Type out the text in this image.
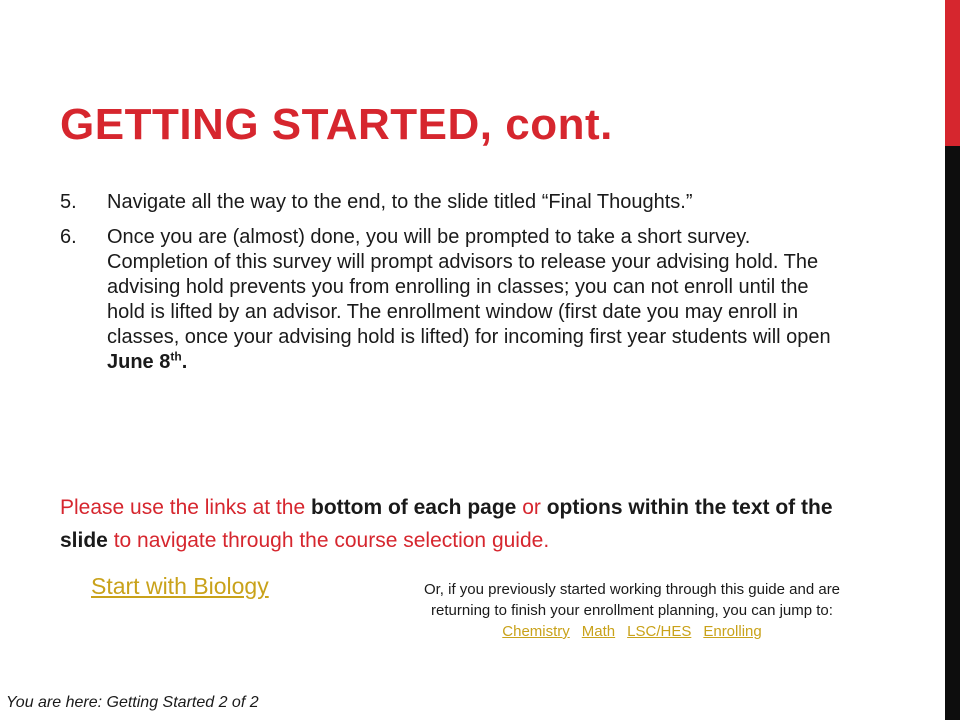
GETTING STARTED, cont.
5.	Navigate all the way to the end, to the slide titled “Final Thoughts.”
6.	Once you are (almost) done, you will be prompted to take a short survey. Completion of this survey will prompt advisors to release your advising hold. The advising hold prevents you from enrolling in classes; you can not enroll until the hold is lifted by an advisor. The enrollment window (first date you may enroll in classes, once your advising hold is lifted) for incoming first year students will open June 8th.
Please use the links at the bottom of each page or options within the text of the slide to navigate through the course selection guide.
Start with Biology	Or, if you previously started working through this guide and are returning to finish your enrollment planning, you can jump to: Chemistry Math LSC/HES Enrolling
You are here: Getting Started 2 of 2
